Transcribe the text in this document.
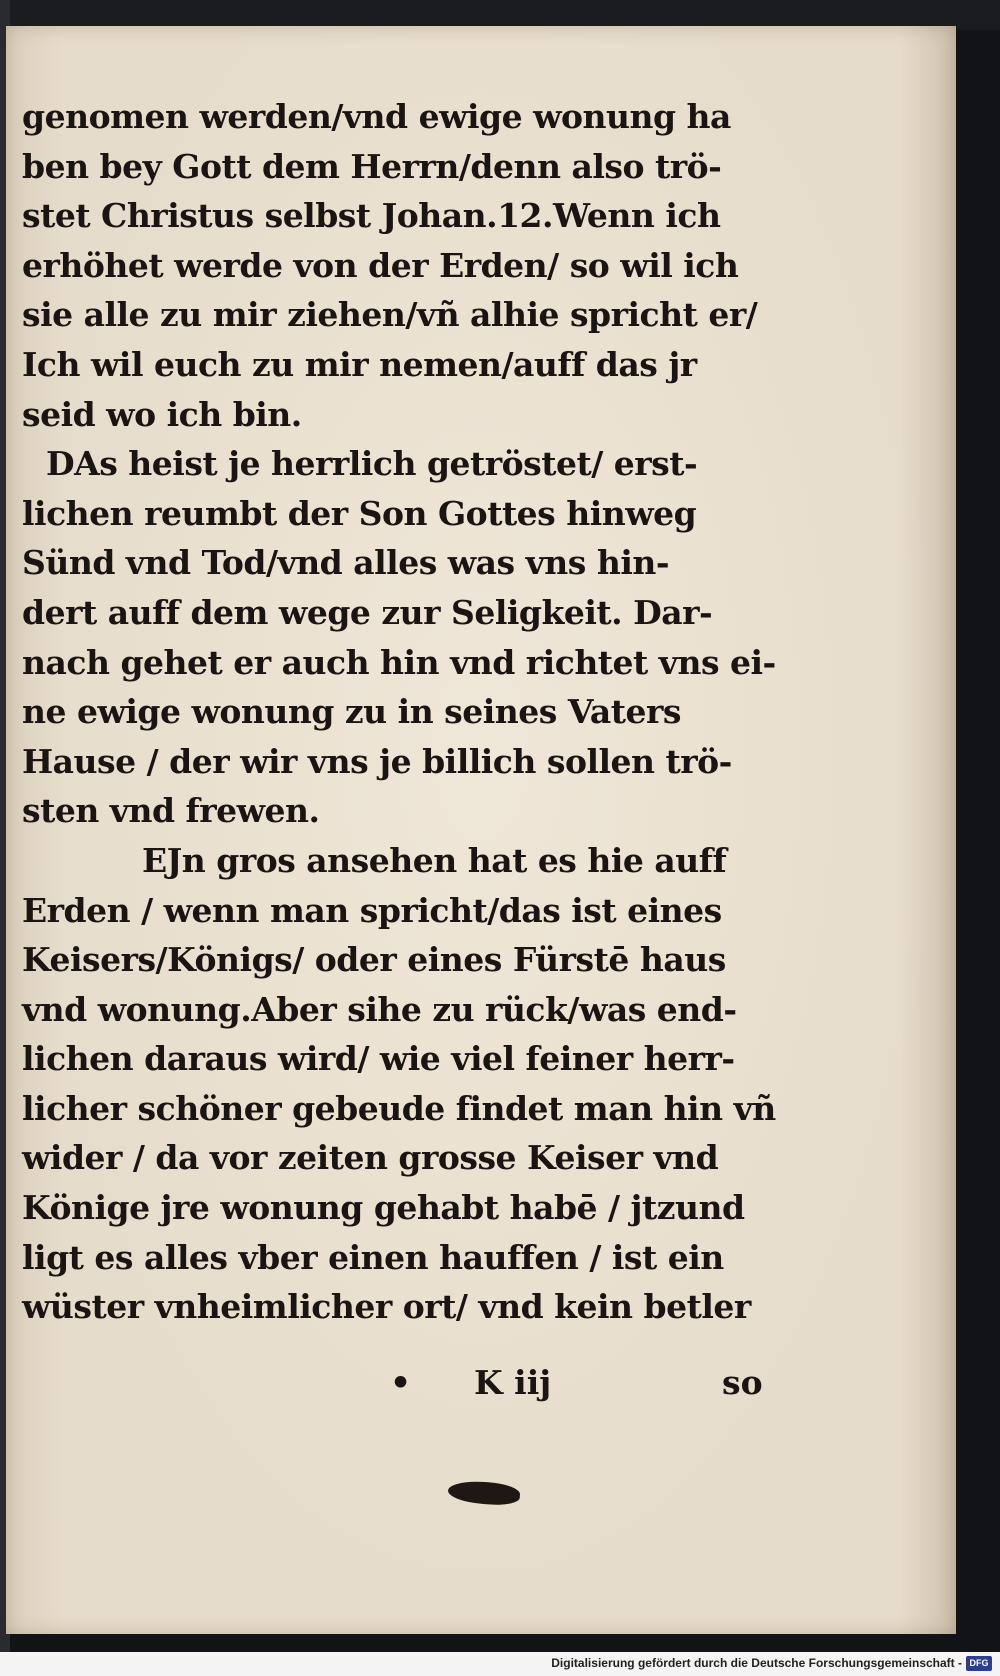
genomen werden/vnd ewige wonung ha
ben bey Gott dem Herrn/denn also trö-
stet Christus selbst Johan.12.Wenn ich
erhöhet werde von der Erden/ so wil ich
sie alle zu mir ziehen/vñ alhie spricht er/
Ich wil euch zu mir nemen/auff das jr
seid wo ich bin.
DAs heist je herrlich getröstet/ erst-
lichen reumbt der Son Gottes hinweg
Sünd vnd Tod/vnd alles was vns hin-
dert auff dem wege zur Seligkeit. Dar-
nach gehet er auch hin vnd richtet vns ei-
ne ewige wonung zu in seines Vaters
Hause / der wir vns je billich sollen trö-
sten vnd frewen.
EJn gros ansehen hat es hie auff
Erden / wenn man spricht/das ist eines
Keisers/Königs/ oder eines Fürstē haus
vnd wonung.Aber sihe zu rück/was end-
lichen daraus wird/ wie viel feiner herr-
licher schöner gebeude findet man hin vñ
wider / da vor zeiten grosse Keiser vnd
Könige jre wonung gehabt habē / jtzund
ligt es alles vber einen hauffen / ist ein
wüster vnheimlicher ort/ vnd kein betler
• K iij	so
Digitalisierung gefördert durch die Deutsche Forschungsgemeinschaft - DFG
